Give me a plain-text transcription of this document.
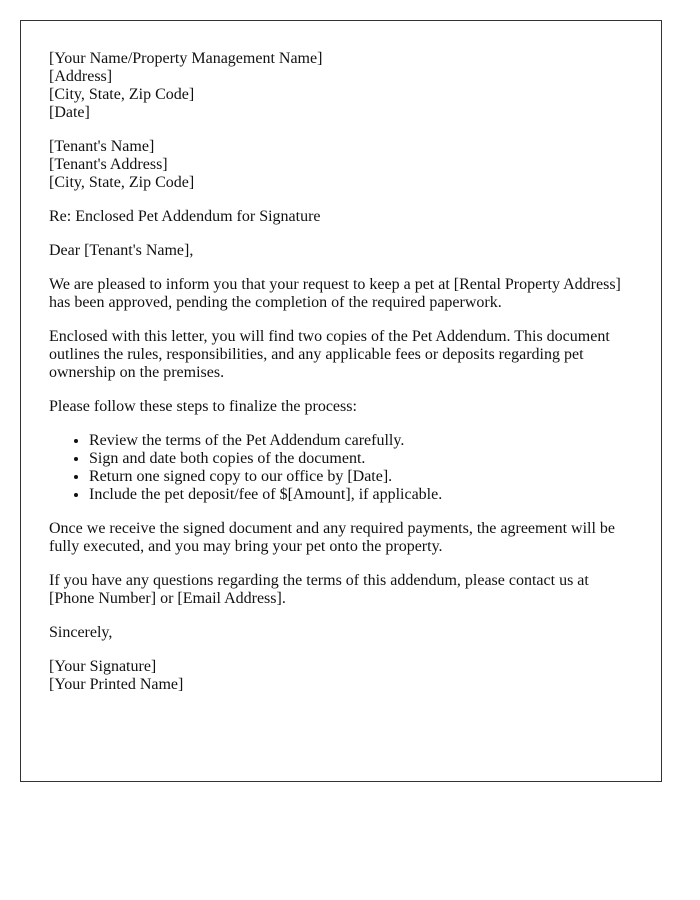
[Your Name/Property Management Name]
[Address]
[City, State, Zip Code]
[Date]
[Tenant's Name]
[Tenant's Address]
[City, State, Zip Code]

Re: Enclosed Pet Addendum for Signature

Dear [Tenant's Name],

We are pleased to inform you that your request to keep a pet at [Rental Property Address] has been approved, pending the completion of the required paperwork.

Enclosed with this letter, you will find two copies of the Pet Addendum. This document outlines the rules, responsibilities, and any applicable fees or deposits regarding pet ownership on the premises.

Please follow these steps to finalize the process:

• Review the terms of the Pet Addendum carefully.
• Sign and date both copies of the document.
• Return one signed copy to our office by [Date].
• Include the pet deposit/fee of $[Amount], if applicable.

Once we receive the signed document and any required payments, the agreement will be fully executed, and you may bring your pet onto the property.

If you have any questions regarding the terms of this addendum, please contact us at [Phone Number] or [Email Address].

Sincerely,

[Your Signature]
[Your Printed Name]
